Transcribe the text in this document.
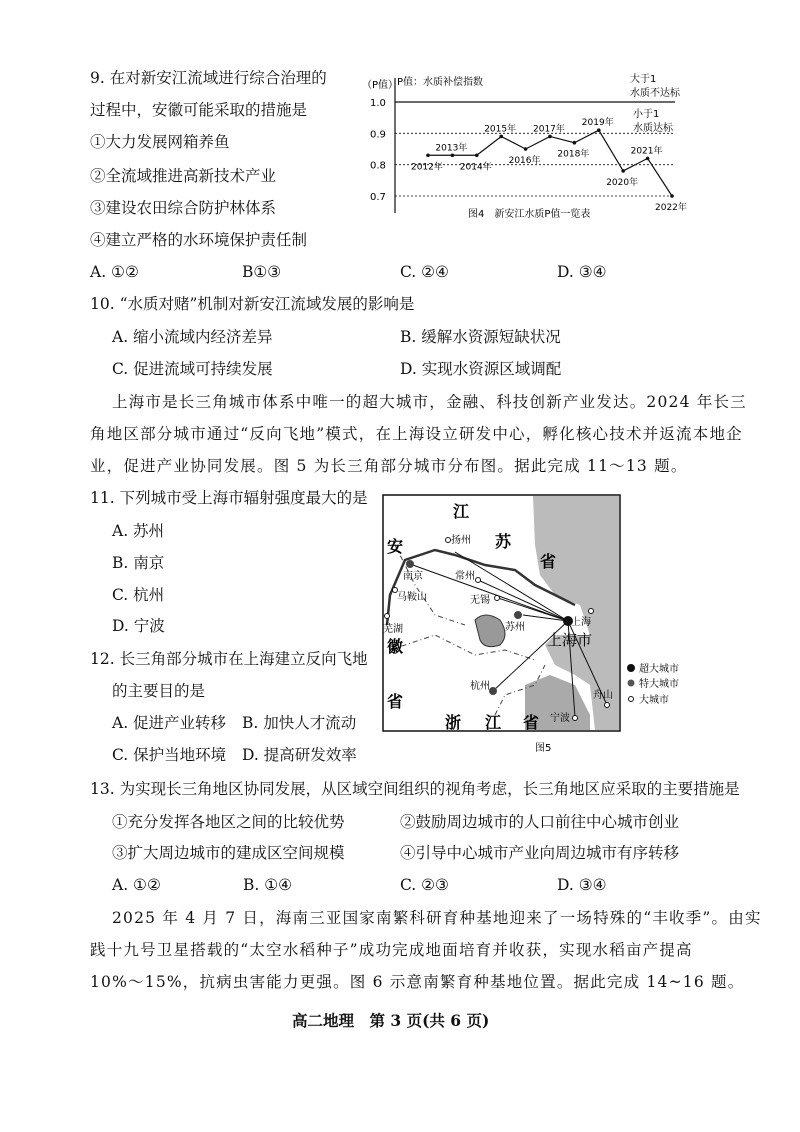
9. 在对新安江流域进行综合治理的
过程中，安徽可能采取的措施是
①大力发展网箱养鱼
②全流域推进高新技术产业
③建设农田综合防护林体系
④建立严格的水环境保护责任制
A. ①②	B①③	C. ②④	D. ③④
（P值）
P值：水质补偿指数	大于1
水质不达标
小于1
水质达标
图4　新安江水质P值一览表
1.0
0.9
0.8
0.7
2012年
2013年
2014年
2015年
2016年
2017年
2018年
2019年
2020年
2021年
2022年
10. “水质对赌”机制对新安江流域发展的影响是
A. 缩小流域内经济差异	B. 缓解水资源短缺状况
C. 促进流域可持续发展	D. 实现水资源区域调配
上海市是长三角城市体系中唯一的超大城市，金融、科技创新产业发达。2024 年长三
角地区部分城市通过“反向飞地”模式，在上海设立研发中心，孵化核心技术并返流本地企
业，促进产业协同发展。图 5 为长三角部分城市分布图。据此完成 11～13 题。
11. 下列城市受上海市辐射强度最大的是
A. 苏州
B. 南京
C. 杭州
D. 宁波
12. 长三角部分城市在上海建立反向飞地
的主要目的是
A. 促进产业转移 B. 加快人才流动
C. 保护当地环境 D. 提高研发效率
江
苏
省
安
徽
省
浙 江 省
扬州
南京	常州
马鞍山	无锡
芜湖	苏州	上海
上海市
杭州
宁波
舟山
超大城市
特大城市
大城市
图5
13. 为实现长三角地区协同发展，从区域空间组织的视角考虑，长三角地区应采取的主要措施是
①充分发挥各地区之间的比较优势	②鼓励周边城市的人口前往中心城市创业
③扩大周边城市的建成区空间规模	④引导中心城市产业向周边城市有序转移
A. ①②	B. ①④	C. ②③	D. ③④
2025 年 4 月 7 日，海南三亚国家南繁科研育种基地迎来了一场特殊的“丰收季”。由实
践十九号卫星搭载的“太空水稻种子”成功完成地面培育并收获，实现水稻亩产提高
10%～15%，抗病虫害能力更强。图 6 示意南繁育种基地位置。据此完成 14~16 题。
高二地理　第 3 页(共 6 页)
